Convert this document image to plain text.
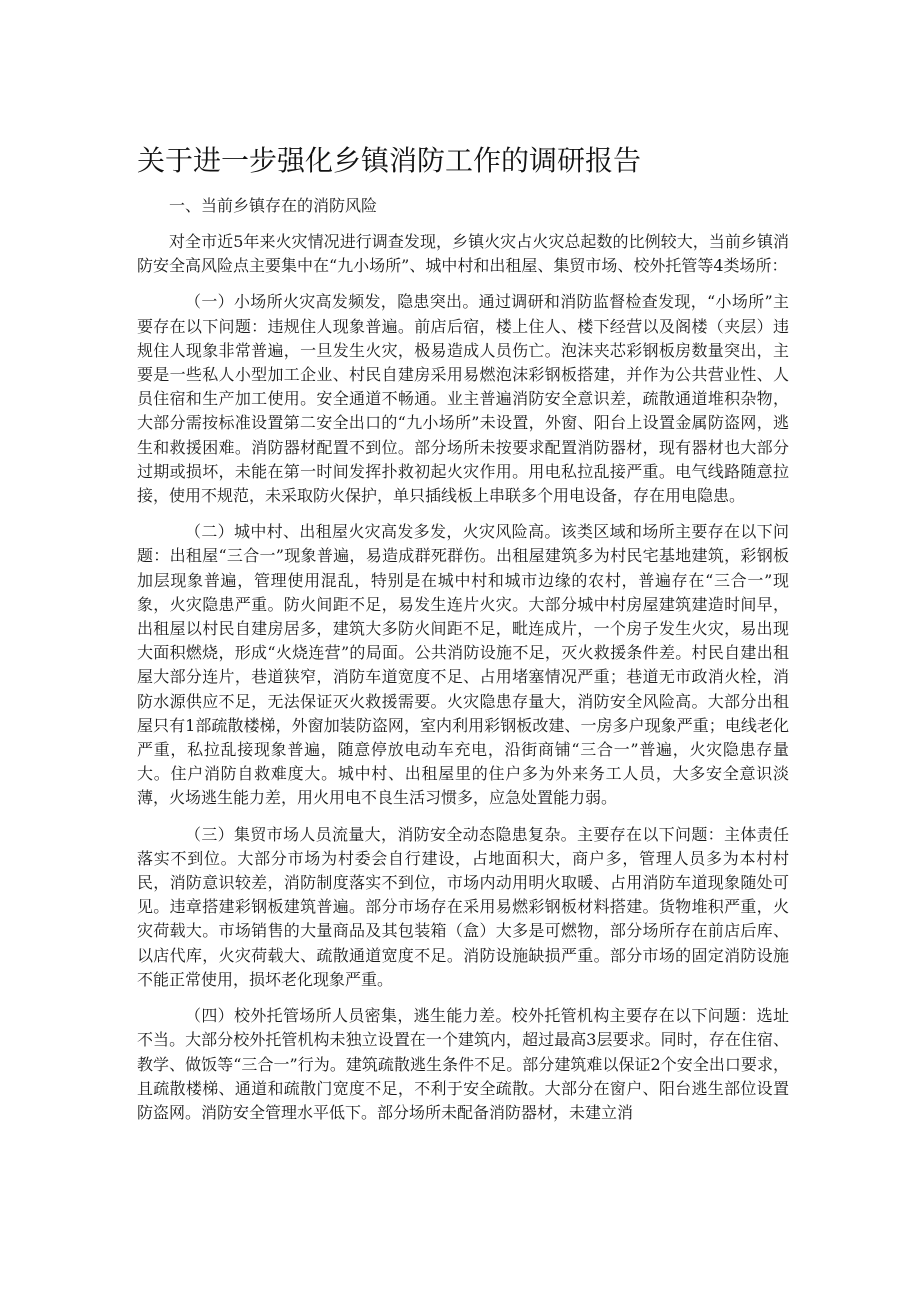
关于进一步强化乡镇消防工作的调研报告

一、当前乡镇存在的消防风险

对全市近5年来火灾情况进行调查发现，乡镇火灾占火灾总起数的比例较大，当前乡镇消防安全高风险点主要集中在“九小场所”、城中村和出租屋、集贸市场、校外托管等4类场所：

（一）小场所火灾高发频发，隐患突出。通过调研和消防监督检查发现，“小场所”主要存在以下问题：违规住人现象普遍。前店后宿，楼上住人、楼下经营以及阁楼（夹层）违规住人现象非常普遍，一旦发生火灾，极易造成人员伤亡。泡沫夹芯彩钢板房数量突出，主要是一些私人小型加工企业、村民自建房采用易燃泡沫彩钢板搭建，并作为公共营业性、人员住宿和生产加工使用。安全通道不畅通。业主普遍消防安全意识差，疏散通道堆积杂物，大部分需按标准设置第二安全出口的“九小场所”未设置，外窗、阳台上设置金属防盗网，逃生和救援困难。消防器材配置不到位。部分场所未按要求配置消防器材，现有器材也大部分过期或损坏，未能在第一时间发挥扑救初起火灾作用。用电私拉乱接严重。电气线路随意拉接，使用不规范，未采取防火保护，单只插线板上串联多个用电设备，存在用电隐患。

（二）城中村、出租屋火灾高发多发，火灾风险高。该类区域和场所主要存在以下问题：出租屋“三合一”现象普遍，易造成群死群伤。出租屋建筑多为村民宅基地建筑，彩钢板加层现象普遍，管理使用混乱，特别是在城中村和城市边缘的农村，普遍存在“三合一”现象，火灾隐患严重。防火间距不足，易发生连片火灾。大部分城中村房屋建筑建造时间早，出租屋以村民自建房居多，建筑大多防火间距不足，毗连成片，一个房子发生火灾，易出现大面积燃烧，形成“火烧连营”的局面。公共消防设施不足，灭火救援条件差。村民自建出租屋大部分连片，巷道狭窄，消防车道宽度不足、占用堵塞情况严重；巷道无市政消火栓，消防水源供应不足，无法保证灭火救援需要。火灾隐患存量大，消防安全风险高。大部分出租屋只有1部疏散楼梯，外窗加装防盗网，室内利用彩钢板改建、一房多户现象严重；电线老化严重，私拉乱接现象普遍，随意停放电动车充电，沿街商铺“三合一”普遍，火灾隐患存量大。住户消防自救难度大。城中村、出租屋里的住户多为外来务工人员，大多安全意识淡薄，火场逃生能力差，用火用电不良生活习惯多，应急处置能力弱。

（三）集贸市场人员流量大，消防安全动态隐患复杂。主要存在以下问题：主体责任落实不到位。大部分市场为村委会自行建设，占地面积大，商户多，管理人员多为本村村民，消防意识较差，消防制度落实不到位，市场内动用明火取暖、占用消防车道现象随处可见。违章搭建彩钢板建筑普遍。部分市场存在采用易燃彩钢板材料搭建。货物堆积严重，火灾荷载大。市场销售的大量商品及其包装箱（盒）大多是可燃物，部分场所存在前店后库、以店代库，火灾荷载大、疏散通道宽度不足。消防设施缺损严重。部分市场的固定消防设施不能正常使用，损坏老化现象严重。

（四）校外托管场所人员密集，逃生能力差。校外托管机构主要存在以下问题：选址不当。大部分校外托管机构未独立设置在一个建筑内，超过最高3层要求。同时，存在住宿、教学、做饭等“三合一”行为。建筑疏散逃生条件不足。部分建筑难以保证2个安全出口要求，且疏散楼梯、通道和疏散门宽度不足，不利于安全疏散。大部分在窗户、阳台逃生部位设置防盗网。消防安全管理水平低下。部分场所未配备消防器材，未建立消
